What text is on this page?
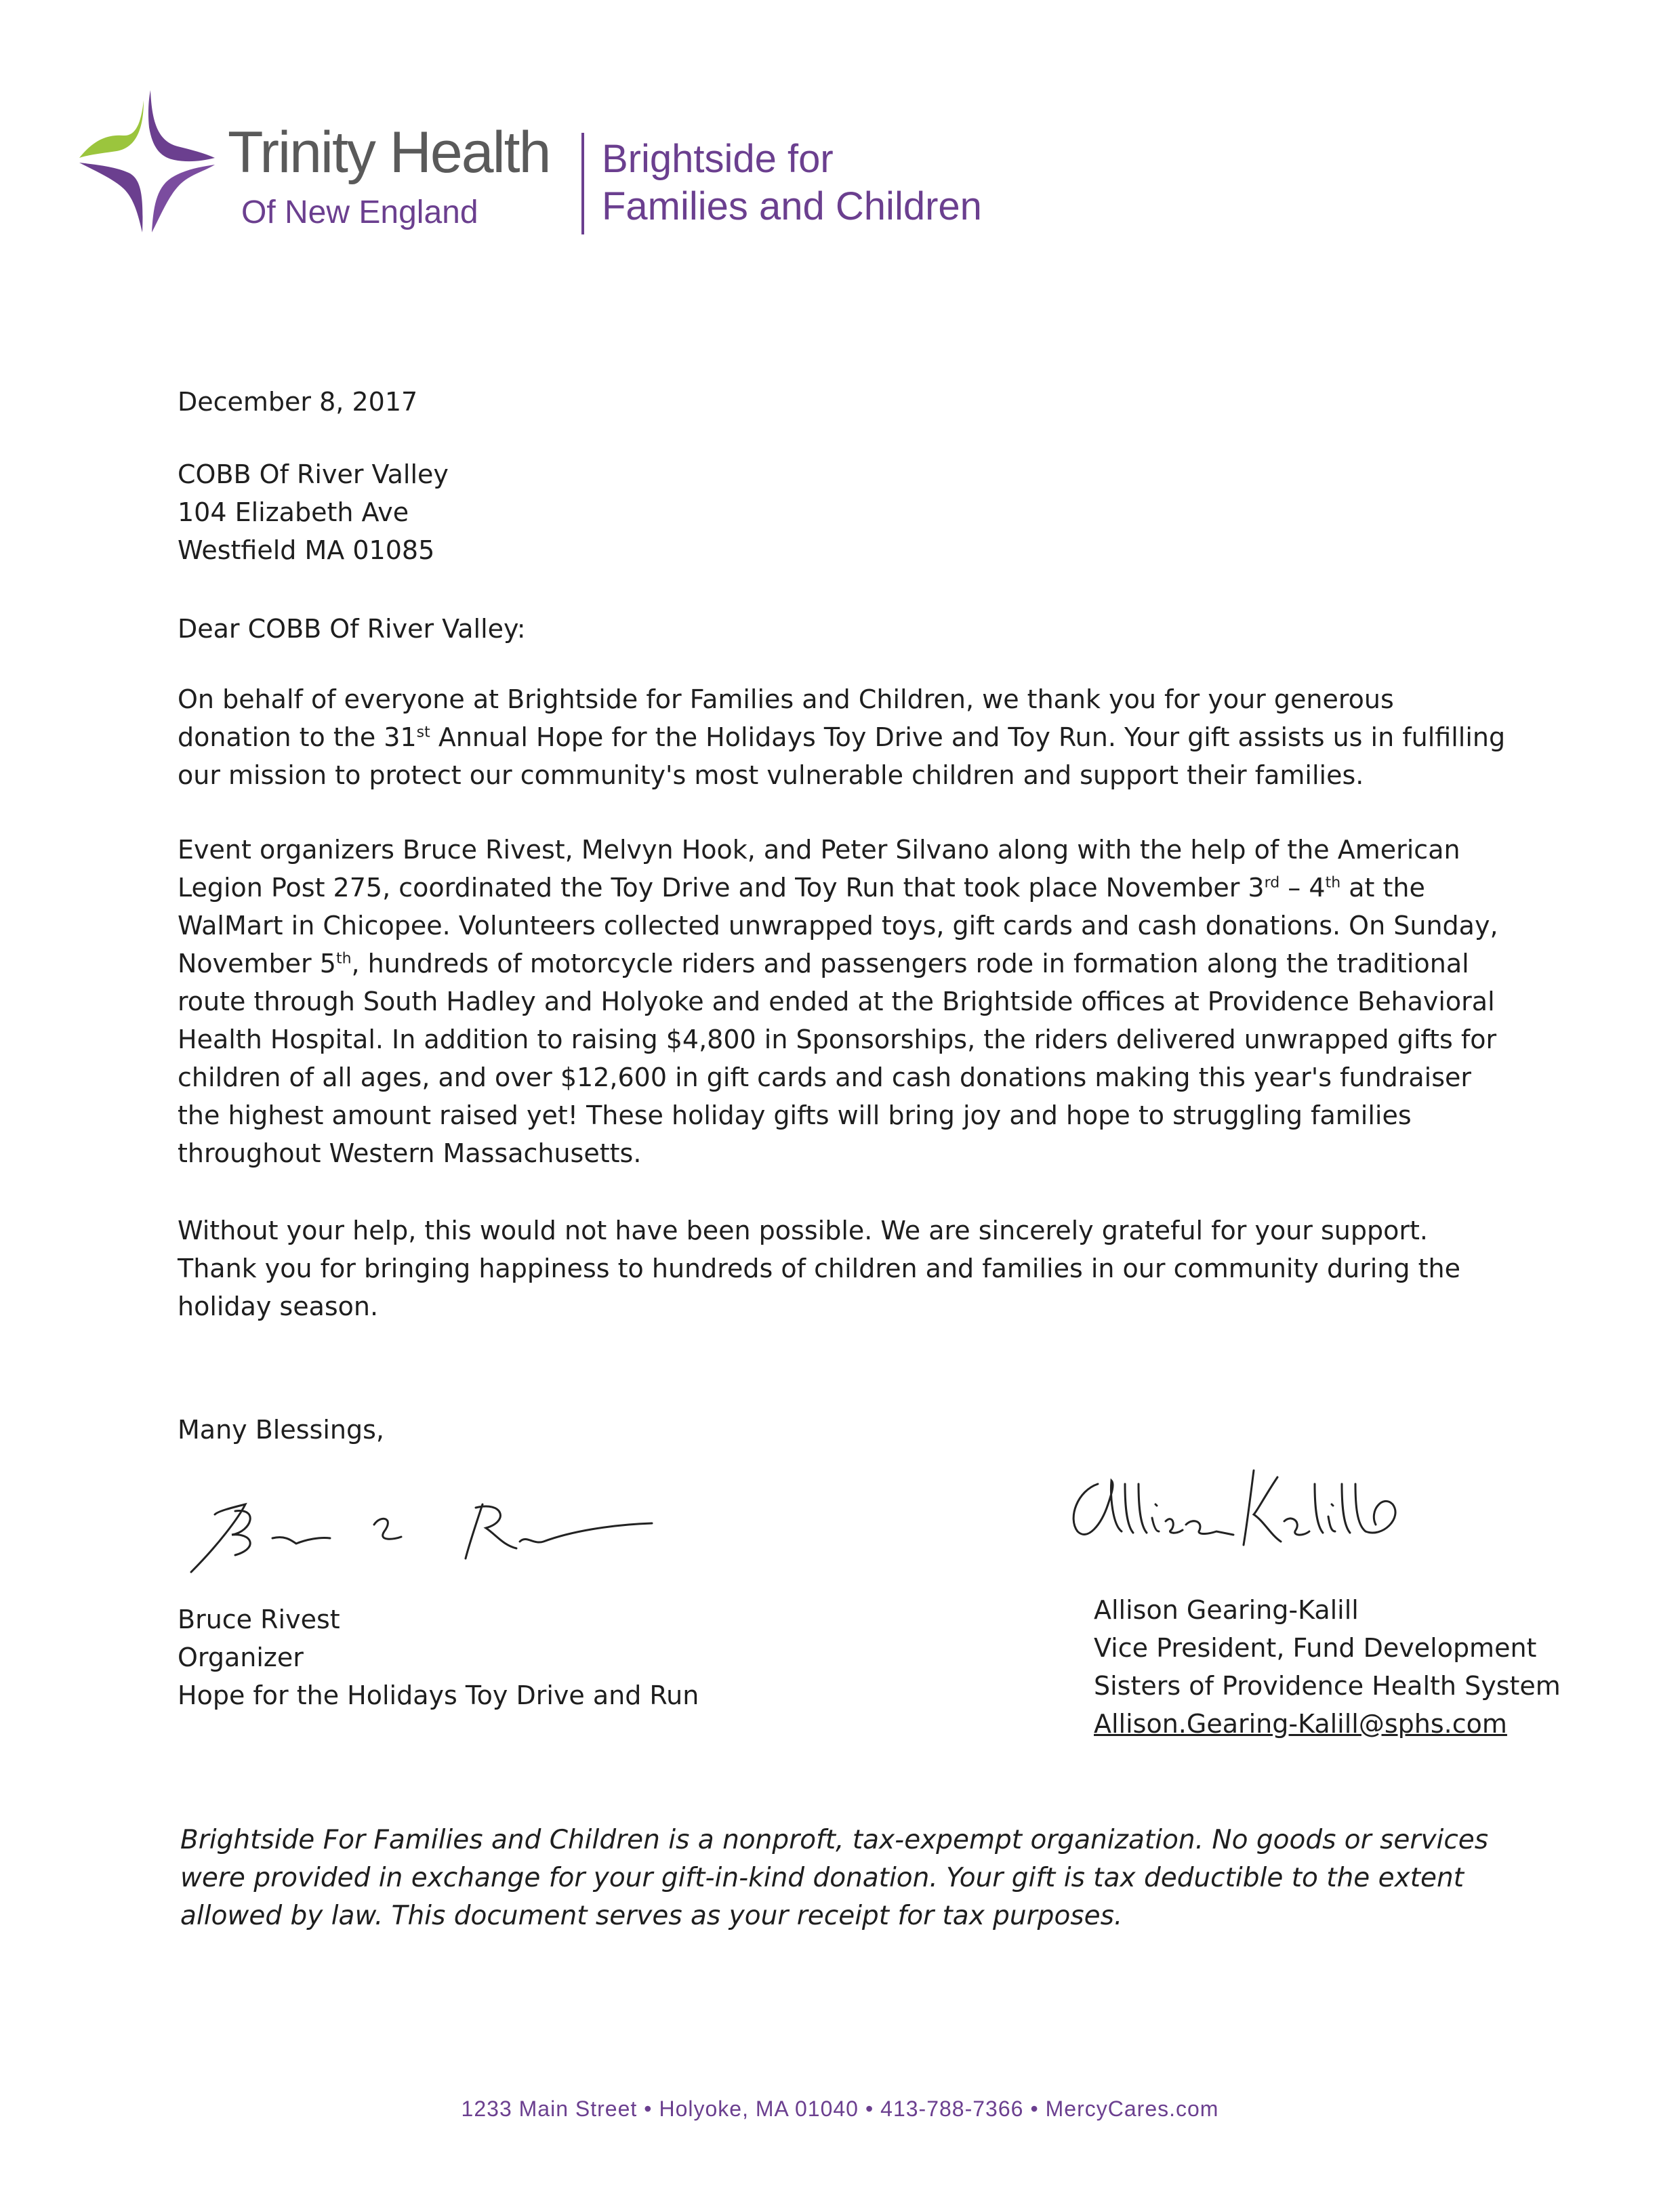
Trinity Health
Of New England
Brightside for
Families and Children
December 8, 2017
COBB Of River Valley
104 Elizabeth Ave
Westfield MA 01085
Dear COBB Of River Valley:
On behalf of everyone at Brightside for Families and Children, we thank you for your generous donation to the 31st Annual Hope for the Holidays Toy Drive and Toy Run. Your gift assists us in fulfilling our mission to protect our community's most vulnerable children and support their families.
Event organizers Bruce Rivest, Melvyn Hook, and Peter Silvano along with the help of the American Legion Post 275, coordinated the Toy Drive and Toy Run that took place November 3rd – 4th at the WalMart in Chicopee. Volunteers collected unwrapped toys, gift cards and cash donations. On Sunday, November 5th, hundreds of motorcycle riders and passengers rode in formation along the traditional route through South Hadley and Holyoke and ended at the Brightside offices at Providence Behavioral Health Hospital. In addition to raising $4,800 in Sponsorships, the riders delivered unwrapped gifts for children of all ages, and over $12,600 in gift cards and cash donations making this year's fundraiser the highest amount raised yet! These holiday gifts will bring joy and hope to struggling families throughout Western Massachusetts.
Without your help, this would not have been possible. We are sincerely grateful for your support. Thank you for bringing happiness to hundreds of children and families in our community during the holiday season.
Many Blessings,
Bruce Rivest
Organizer
Hope for the Holidays Toy Drive and Run
Allison Gearing-Kalill
Vice President, Fund Development
Sisters of Providence Health System
Allison.Gearing-Kalill@sphs.com
Brightside For Families and Children is a nonproft, tax-expempt organization. No goods or services were provided in exchange for your gift-in-kind donation. Your gift is tax deductible to the extent allowed by law. This document serves as your receipt for tax purposes.
1233 Main Street • Holyoke, MA 01040 • 413-788-7366 • MercyCares.com
